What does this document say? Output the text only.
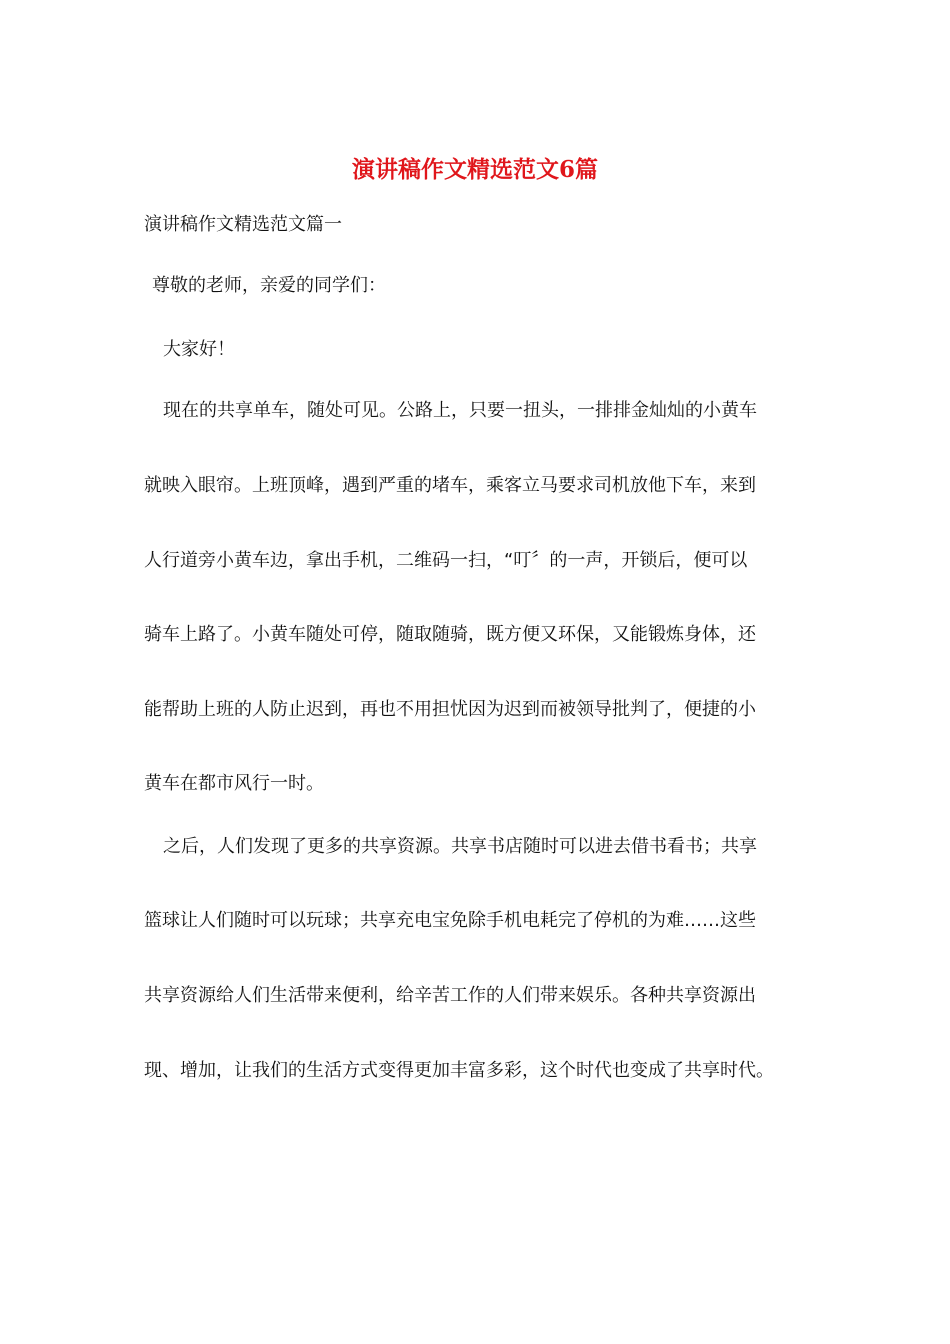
演讲稿作文精选范文6篇

演讲稿作文精选范文篇一

尊敬的老师，亲爱的同学们：

大家好！

现在的共享单车，随处可见。公路上，只要一扭头，一排排金灿灿的小黄车

就映入眼帘。上班顶峰，遇到严重的堵车，乘客立马要求司机放他下车，来到

人行道旁小黄车边，拿出手机，二维码一扫，“叮〞的一声，开锁后，便可以

骑车上路了。小黄车随处可停，随取随骑，既方便又环保，又能锻炼身体，还

能帮助上班的人防止迟到，再也不用担忧因为迟到而被领导批判了，便捷的小

黄车在都市风行一时。

之后，人们发现了更多的共享资源。共享书店随时可以进去借书看书；共享

篮球让人们随时可以玩球；共享充电宝免除手机电耗完了停机的为难……这些

共享资源给人们生活带来便利，给辛苦工作的人们带来娱乐。各种共享资源出

现、增加，让我们的生活方式变得更加丰富多彩，这个时代也变成了共享时代。
